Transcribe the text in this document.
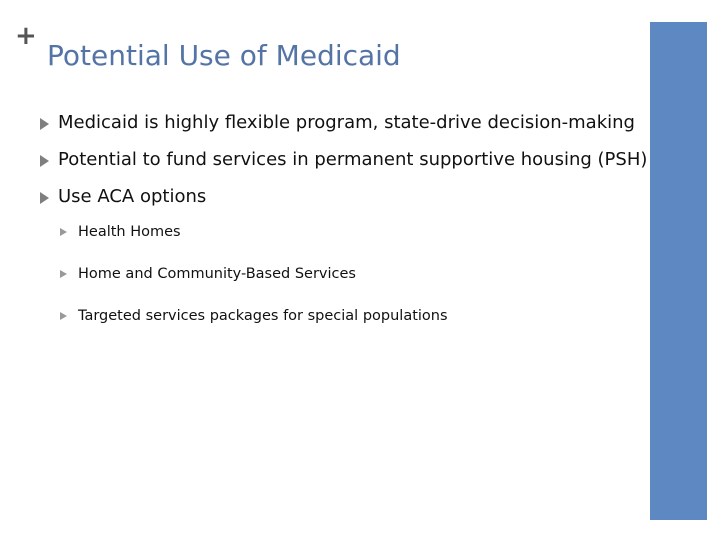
+
Potential Use of Medicaid
Medicaid is highly flexible program, state-drive decision-making
Potential to fund services in permanent supportive housing (PSH)
Use ACA options
Health Homes
Home and Community-Based Services
Targeted services packages for special populations
